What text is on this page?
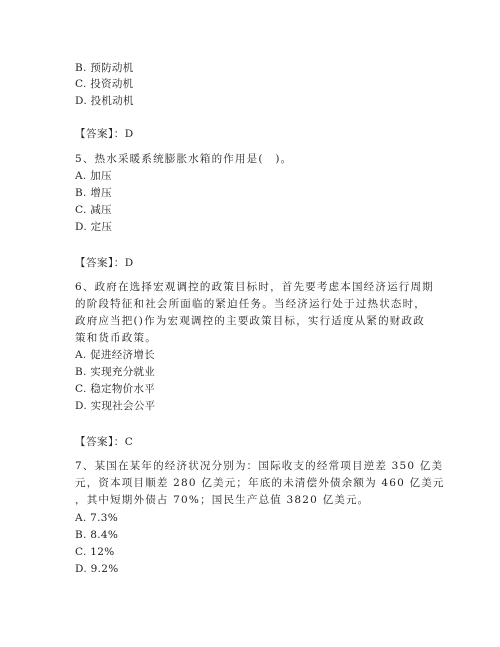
B. 预防动机
C. 投资动机
D. 投机动机
【答案】：D
5、热水采暖系统膨胀水箱的作用是(　)。
A. 加压
B. 增压
C. 减压
D. 定压
【答案】：D
6、政府在选择宏观调控的政策目标时，首先要考虑本国经济运行周期
的阶段特征和社会所面临的紧迫任务。当经济运行处于过热状态时，
政府应当把()作为宏观调控的主要政策目标，实行适度从紧的财政政
策和货币政策。
A. 促进经济增长
B. 实现充分就业
C. 稳定物价水平
D. 实现社会公平
【答案】：C
7、某国在某年的经济状况分别为：国际收支的经常项目逆差 350 亿美
元，资本项目顺差 280 亿美元；年底的未清偿外债余额为 460 亿美元
，其中短期外债占 70%；国民生产总值 3820 亿美元。
A. 7.3%
B. 8.4%
C. 12%
D. 9.2%
